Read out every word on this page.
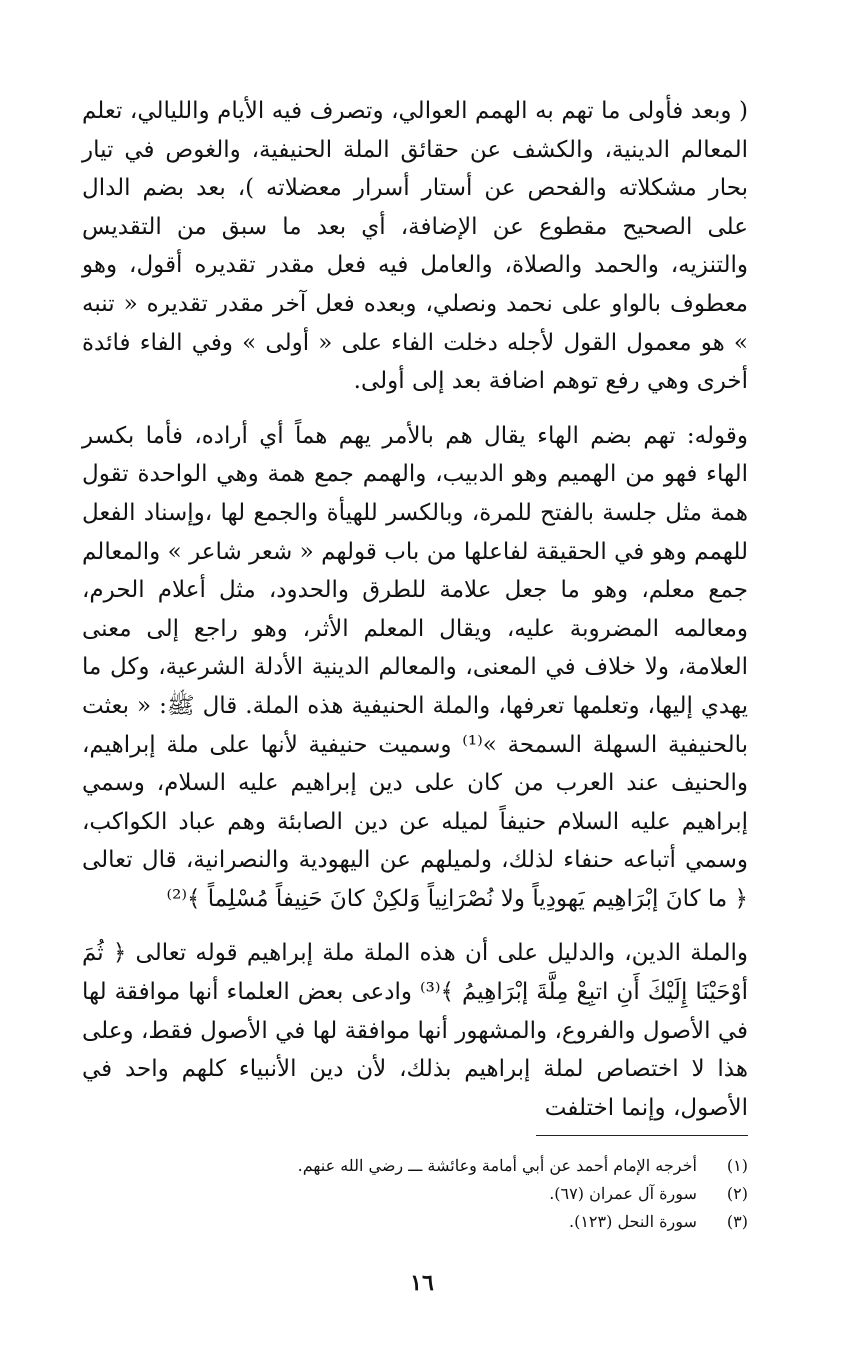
( وبعد فأولى ما تهم به الهمم العوالي، وتصرف فيه الأيام والليالي، تعلم المعالم الدينية، والكشف عن حقائق الملة الحنيفية، والغوص في تيار بحار مشكلاته والفحص عن أستار أسرار معضلاته )، بعد بضم الدال على الصحيح مقطوع عن الإضافة، أي بعد ما سبق من التقديس والتنزيه، والحمد والصلاة، والعامل فيه فعل مقدر تقديره أقول، وهو معطوف بالواو على نحمد ونصلي، وبعده فعل آخر مقدر تقديره « تنبه » هو معمول القول لأجله دخلت الفاء على « أولى » وفي الفاء فائدة أخرى وهي رفع توهم اضافة بعد إلى أولى.

وقوله: تهم بضم الهاء يقال هم بالأمر يهم هماً أي أراده، فأما بكسر الهاء فهو من الهميم وهو الدبيب، والهمم جمع همة وهي الواحدة تقول همة مثل جلسة بالفتح للمرة، وبالكسر للهيأة والجمع لها ،وإسناد الفعل للهمم وهو في الحقيقة لفاعلها من باب قولهم « شعر شاعر » والمعالم جمع معلم، وهو ما جعل علامة للطرق والحدود، مثل أعلام الحرم، ومعالمه المضروبة عليه، ويقال المعلم الأثر، وهو راجع إلى معنى العلامة، ولا خلاف في المعنى، والمعالم الدينية الأدلة الشرعية، وكل ما يهدي إليها، وتعلمها تعرفها، والملة الحنيفية هذه الملة. قال ﷺ: « بعثت بالحنيفية السهلة السمحة »⁽¹⁾ وسميت حنيفية لأنها على ملة إبراهيم، والحنيف عند العرب من كان على دين إبراهيم عليه السلام، وسمي إبراهيم عليه السلام حنيفاً لميله عن دين الصابئة وهم عباد الكواكب، وسمي أتباعه حنفاء لذلك، ولميلهم عن اليهودية والنصرانية، قال تعالى ﴿ ما كانَ إبْرَاهِيم يَهودِياً ولا نُصْرَانِياً وَلكِنْ كانَ حَنِيفاً مُسْلِماً ﴾⁽²⁾

والملة الدين، والدليل على أن هذه الملة ملة إبراهيم قوله تعالى ﴿ ثُمَ أوْحَيْنَا إِلَيْكَ أَنِ اتبِعْ مِلَّةَ إبْرَاهِيمُ ﴾⁽³⁾ وادعى بعض العلماء أنها موافقة لها في الأصول والفروع، والمشهور أنها موافقة لها في الأصول فقط، وعلى هذا لا اختصاص لملة إبراهيم بذلك، لأن دين الأنبياء كلهم واحد في الأصول، وإنما اختلفت

(١) أخرجه الإمام أحمد عن أبي أمامة وعائشة ـــ رضي الله عنهم.
(٢) سورة آل عمران (٦٧).
(٣) سورة النحل (١٢٣).
١٦
